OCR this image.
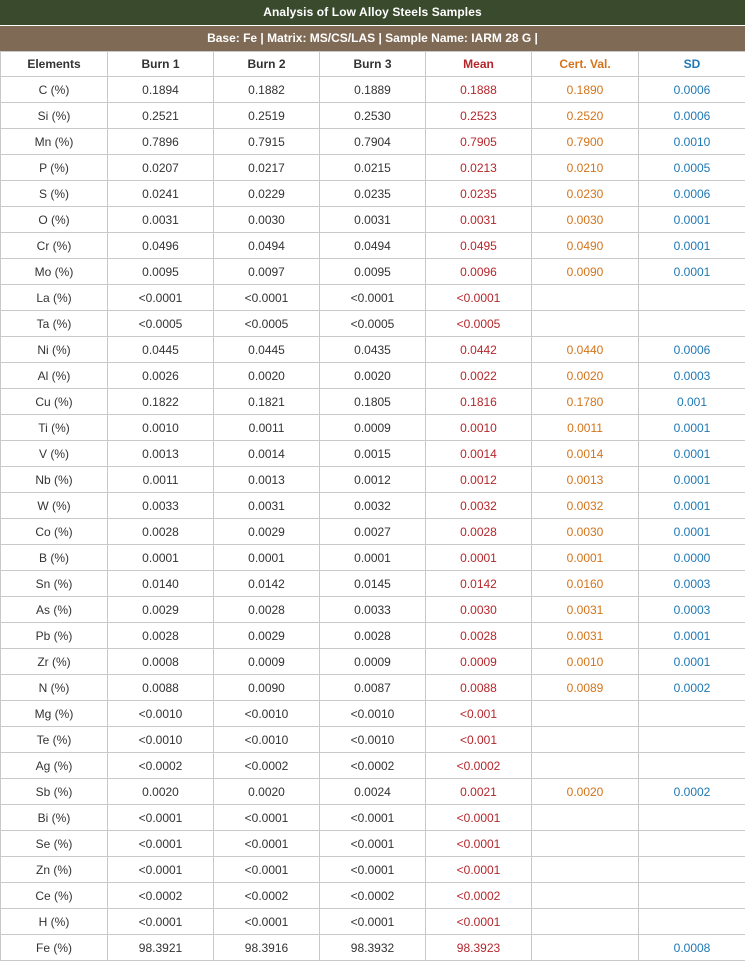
Analysis of Low Alloy Steels Samples
Base: Fe | Matrix: MS/CS/LAS | Sample Name: IARM 28 G |
Elements	Burn 1	Burn 2	Burn 3	Mean	Cert. Val.	SD
C (%)	0.1894	0.1882	0.1889	0.1888	0.1890	0.0006
Si (%)	0.2521	0.2519	0.2530	0.2523	0.2520	0.0006
Mn (%)	0.7896	0.7915	0.7904	0.7905	0.7900	0.0010
P (%)	0.0207	0.0217	0.0215	0.0213	0.0210	0.0005
S (%)	0.0241	0.0229	0.0235	0.0235	0.0230	0.0006
O (%)	0.0031	0.0030	0.0031	0.0031	0.0030	0.0001
Cr (%)	0.0496	0.0494	0.0494	0.0495	0.0490	0.0001
Mo (%)	0.0095	0.0097	0.0095	0.0096	0.0090	0.0001
La (%)	<0.0001	<0.0001	<0.0001	<0.0001		
Ta (%)	<0.0005	<0.0005	<0.0005	<0.0005		
Ni (%)	0.0445	0.0445	0.0435	0.0442	0.0440	0.0006
Al (%)	0.0026	0.0020	0.0020	0.0022	0.0020	0.0003
Cu (%)	0.1822	0.1821	0.1805	0.1816	0.1780	0.001
Ti (%)	0.0010	0.0011	0.0009	0.0010	0.0011	0.0001
V (%)	0.0013	0.0014	0.0015	0.0014	0.0014	0.0001
Nb (%)	0.0011	0.0013	0.0012	0.0012	0.0013	0.0001
W (%)	0.0033	0.0031	0.0032	0.0032	0.0032	0.0001
Co (%)	0.0028	0.0029	0.0027	0.0028	0.0030	0.0001
B (%)	0.0001	0.0001	0.0001	0.0001	0.0001	0.0000
Sn (%)	0.0140	0.0142	0.0145	0.0142	0.0160	0.0003
As (%)	0.0029	0.0028	0.0033	0.0030	0.0031	0.0003
Pb (%)	0.0028	0.0029	0.0028	0.0028	0.0031	0.0001
Zr (%)	0.0008	0.0009	0.0009	0.0009	0.0010	0.0001
N (%)	0.0088	0.0090	0.0087	0.0088	0.0089	0.0002
Mg (%)	<0.0010	<0.0010	<0.0010	<0.001		
Te (%)	<0.0010	<0.0010	<0.0010	<0.001		
Ag (%)	<0.0002	<0.0002	<0.0002	<0.0002		
Sb (%)	0.0020	0.0020	0.0024	0.0021	0.0020	0.0002
Bi (%)	<0.0001	<0.0001	<0.0001	<0.0001		
Se (%)	<0.0001	<0.0001	<0.0001	<0.0001		
Zn (%)	<0.0001	<0.0001	<0.0001	<0.0001		
Ce (%)	<0.0002	<0.0002	<0.0002	<0.0002		
H (%)	<0.0001	<0.0001	<0.0001	<0.0001		
Fe (%)	98.3921	98.3916	98.3932	98.3923		0.0008
